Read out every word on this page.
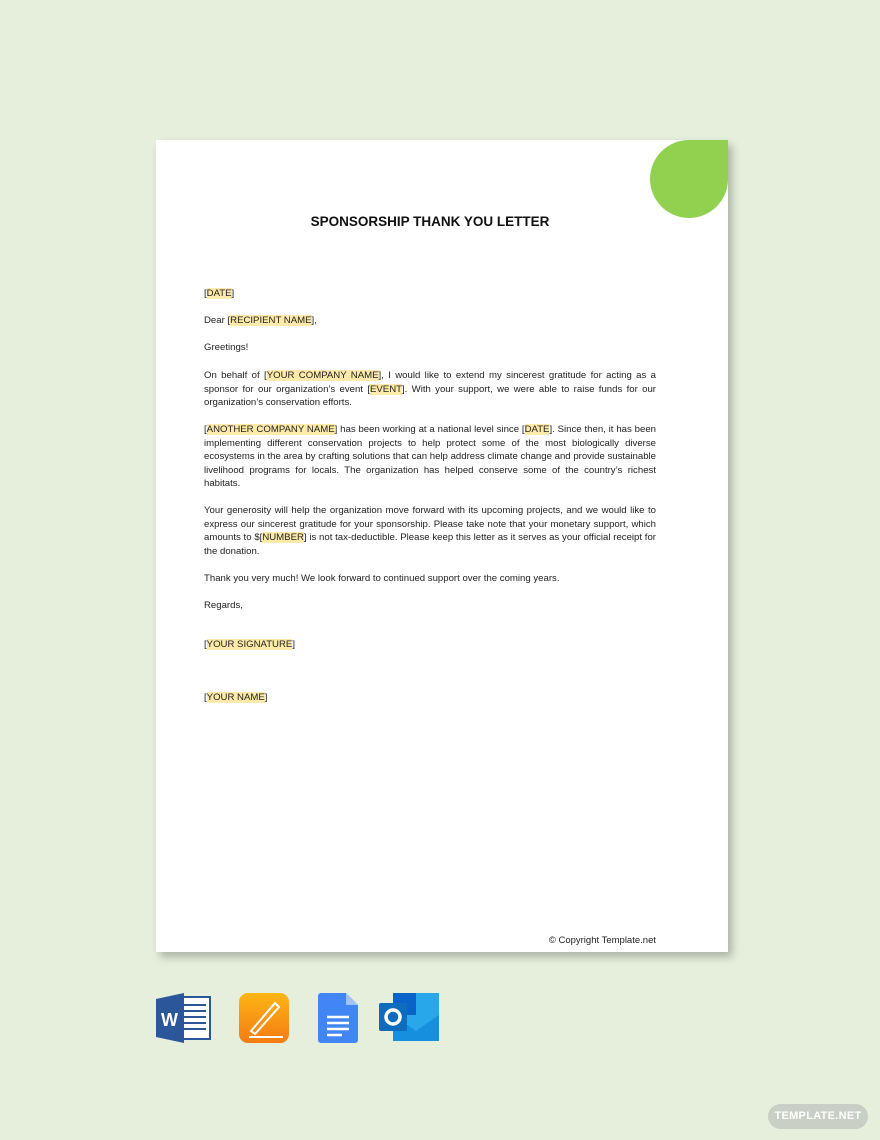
SPONSORSHIP THANK YOU LETTER
[DATE]
Dear [RECIPIENT NAME],
Greetings!
On behalf of [YOUR COMPANY NAME], I would like to extend my sincerest gratitude for acting as a sponsor for our organization’s event [EVENT]. With your support, we were able to raise funds for our organization’s conservation efforts.
[ANOTHER COMPANY NAME] has been working at a national level since [DATE]. Since then, it has been implementing different conservation projects to help protect some of the most biologically diverse ecosystems in the area by crafting solutions that can help address climate change and provide sustainable livelihood programs for locals. The organization has helped conserve some of the country’s richest habitats.
Your generosity will help the organization move forward with its upcoming projects, and we would like to express our sincerest gratitude for your sponsorship. Please take note that your monetary support, which amounts to $[NUMBER] is not tax-deductible. Please keep this letter as it serves as your official receipt for the donation.
Thank you very much! We look forward to continued support over the coming years.
Regards,
[YOUR SIGNATURE]
[YOUR NAME]
© Copyright Template.net
W
TEMPLATE.NET
